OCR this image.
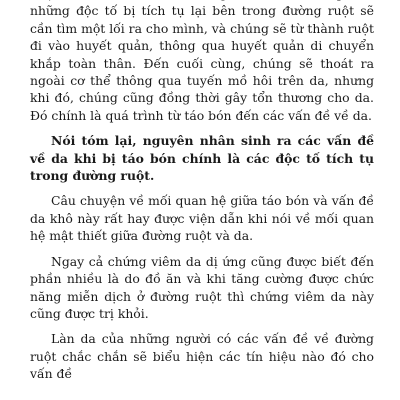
những độc tố bị tích tụ lại bên trong đường ruột sẽ cần tìm một lối ra cho mình, và chúng sẽ từ thành ruột đi vào huyết quản, thông qua huyết quản di chuyển khắp toàn thân. Đến cuối cùng, chúng sẽ thoát ra ngoài cơ thể thông qua tuyến mồ hôi trên da, nhưng khi đó, chúng cũng đồng thời gây tổn thương cho da. Đó chính là quá trình từ táo bón đến các vấn đề về da.

Nói tóm lại, nguyên nhân sinh ra các vấn đề về da khi bị táo bón chính là các độc tố tích tụ trong đường ruột.

Câu chuyện về mối quan hệ giữa táo bón và vấn đề da khô này rất hay được viện dẫn khi nói về mối quan hệ mật thiết giữa đường ruột và da.

Ngay cả chứng viêm da dị ứng cũng được biết đến phần nhiều là do đồ ăn và khi tăng cường được chức năng miễn dịch ở đường ruột thì chứng viêm da này cũng được trị khỏi.

Làn da của những người có các vấn đề về đường ruột chắc chắn sẽ biểu hiện các tín hiệu nào đó cho vấn đề
